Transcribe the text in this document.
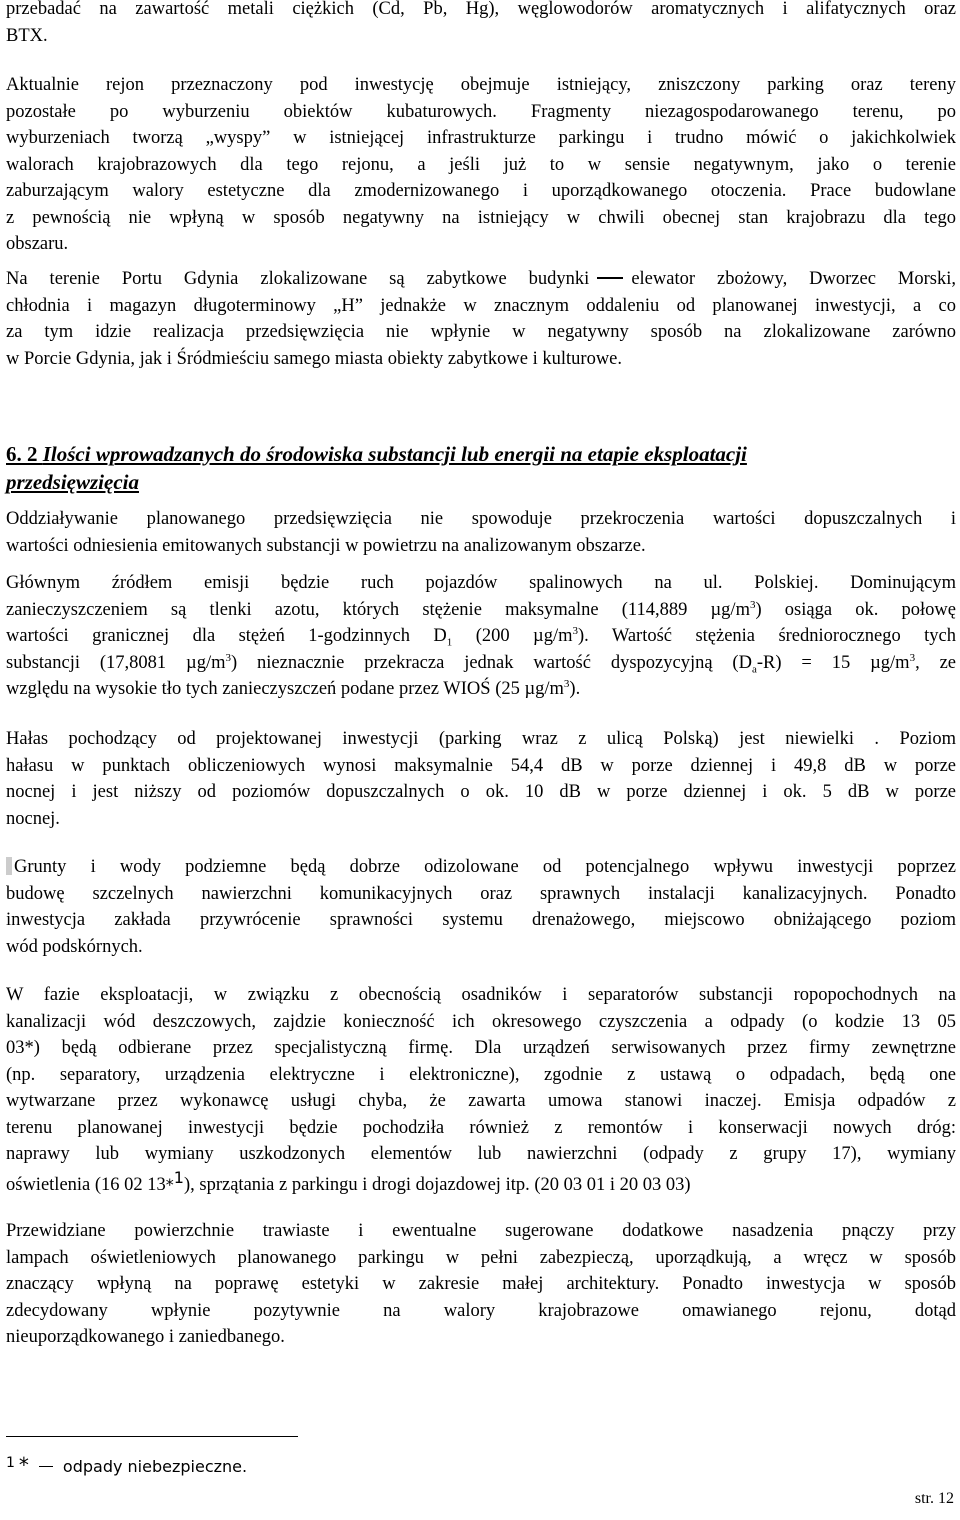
przebadać na zawartość metali ciężkich (Cd, Pb, Hg), węglowodorów aromatycznych i alifatycznych oraz
BTX.

Aktualnie rejon przeznaczony pod inwestycję obejmuje istniejący, zniszczony parking oraz tereny
pozostałe po wyburzeniu obiektów kubaturowych. Fragmenty niezagospodarowanego terenu, po
wyburzeniach tworzą „wyspy” w istniejącej infrastrukturze parkingu i trudno mówić o jakichkolwiek
walorach krajobrazowych dla tego rejonu, a jeśli już to w sensie negatywnym, jako o terenie
zaburzającym walory estetyczne dla zmodernizowanego i uporządkowanego otoczenia. Prace budowlane
z pewnością nie wpłyną w sposób negatywny na istniejący w chwili obecnej stan krajobrazu dla tego
obszaru.

Na terenie Portu Gdynia zlokalizowane są zabytkowe budynki elewator zbożowy, Dworzec Morski,
chłodnia i magazyn długoterminowy „H” jednakże w znacznym oddaleniu od planowanej inwestycji, a co
za tym idzie realizacja przedsięwzięcia nie wpłynie w negatywny sposób na zlokalizowane zarówno
w Porcie Gdynia, jak i Śródmieściu samego miasta obiekty zabytkowe i kulturowe.

6. 2 Ilości wprowadzanych do środowiska substancji lub energii na etapie eksploatacji
przedsięwzięcia

Oddziaływanie planowanego przedsięwzięcia nie spowoduje przekroczenia wartości dopuszczalnych i
wartości odniesienia emitowanych substancji w powietrzu na analizowanym obszarze.

Głównym źródłem emisji będzie ruch pojazdów spalinowych na ul. Polskiej. Dominującym
zanieczyszczeniem są tlenki azotu, których stężenie maksymalne (114,889 $\mu g/m^3$) osiąga ok. połowę
wartości granicznej dla stężeń 1-godzinnych $D_1$ (200 $\mu g/m^3$). Wartość stężenia średniorocznego tych
substancji (17,8081 $\mu g/m^3$) nieznacznie przekracza jednak wartość dyspozycyjną $(D_a-R) = 15$ $\mu g/m^3$, ze
względu na wysokie tło tych zanieczyszczeń podane przez WIOŚ (25 $\mu g/m^3$).

Hałas pochodzący od projektowanej inwestycji (parking wraz z ulicą Polską) jest niewielki . Poziom
hałasu w punktach obliczeniowych wynosi maksymalnie 54,4 dB w porze dziennej i 49,8 dB w porze
nocnej i jest niższy od poziomów dopuszczalnych o ok. 10 dB w porze dziennej i ok. 5 dB w porze
nocnej.

Grunty i wody podziemne będą dobrze odizolowane od potencjalnego wpływu inwestycji poprzez
budowę szczelnych nawierzchni komunikacyjnych oraz sprawnych instalacji kanalizacyjnych. Ponadto
inwestycja zakłada przywrócenie sprawności systemu drenażowego, miejscowo obniżającego poziom
wód podskórnych.

W fazie eksploatacji, w związku z obecnością osadników i separatorów substancji ropopochodnych na
kanalizacji wód deszczowych, zajdzie konieczność ich okresowego czyszczenia a odpady (o kodzie 13 05
03*) będą odbierane przez specjalistyczną firmę. Dla urządzeń serwisowanych przez firmy zewnętrzne
(np. separatory, urządzenia elektryczne i elektroniczne), zgodnie z ustawą o odpadach, będą one
wytwarzane przez wykonawcę usługi chyba, że zawarta umowa stanowi inaczej. Emisja odpadów z
terenu planowanej inwestycji będzie pochodziła również z remontów i konserwacji nowych dróg:
naprawy lub wymiany uszkodzonych elementów lub nawierzchni (odpady z grupy 17), wymiany
oświetlenia (16 02 13*$^1$), sprzątania z parkingu i drogi dojazdowej itp. (20 03 01 i 20 03 03)

Przewidziane powierzchnie trawiaste i ewentualne sugerowane dodatkowe nasadzenia pnączy przy
lampach oświetleniowych planowanego parkingu w pełni zabezpieczą, uporządkują, a wręcz w sposób
znaczący wpłyną na poprawę estetyki w zakresie małej architektury. Ponadto inwestycja w sposób
zdecydowany wpłynie pozytywnie na walory krajobrazowe omawianego rejonu, dotąd
nieuporządkowanego i zaniedbanego.

1 * odpady niebezpieczne.
str. 12
